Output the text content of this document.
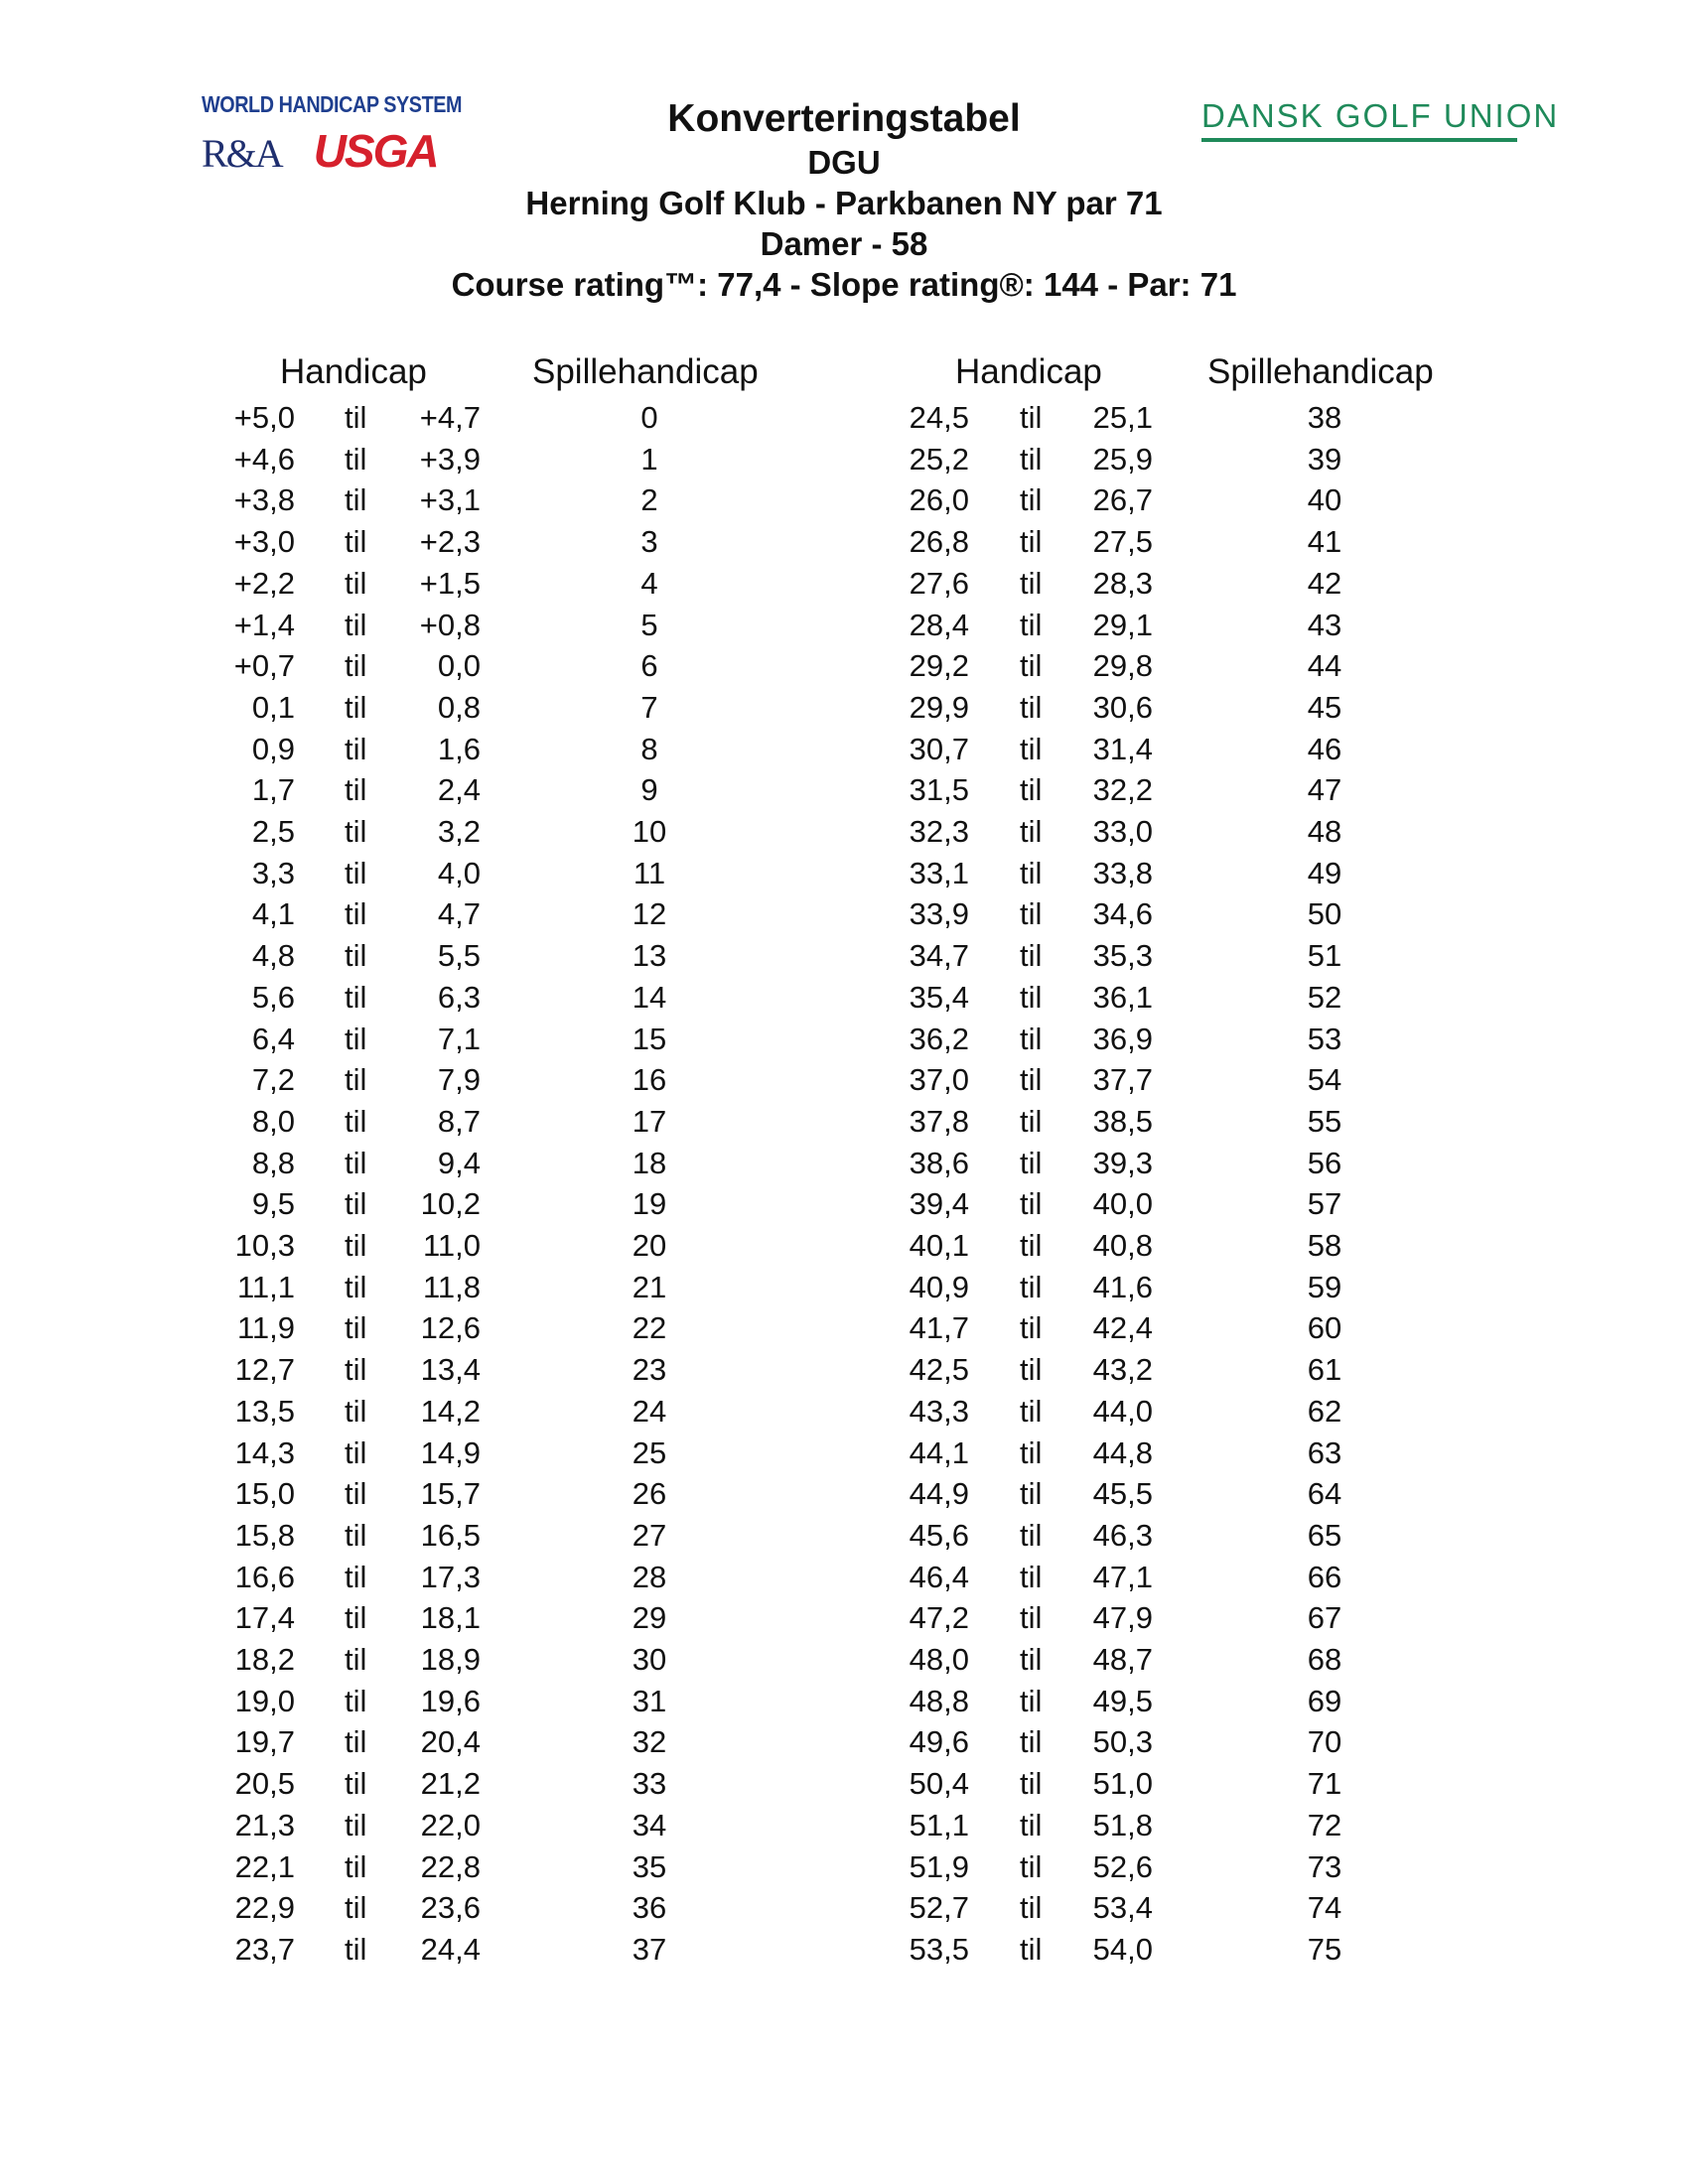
WORLD HANDICAP SYSTEM
R&A USGA
DANSK GOLF UNION
Konverteringstabel
DGU
Herning Golf Klub - Parkbanen NY par 71
Damer - 58
Course rating™: 77,4 - Slope rating®: 144 - Par: 71
Handicap	Spillehandicap	Handicap	Spillehandicap
+5,0 til	+4,7	0
+4,6 til	+3,9	1
+3,8 til	+3,1	2
+3,0 til	+2,3	3
+2,2 til	+1,5	4
+1,4 til	+0,8	5
+0,7 til	0,0	6
0,1 til	0,8	7
0,9 til	1,6	8
1,7 til	2,4	9
2,5 til	3,2	10
3,3 til	4,0	11
4,1 til	4,7	12
4,8 til	5,5	13
5,6 til	6,3	14
6,4 til	7,1	15
7,2 til	7,9	16
8,0 til	8,7	17
8,8 til	9,4	18
9,5 til	10,2	19
10,3 til	11,0	20
11,1 til	11,8	21
11,9 til	12,6	22
12,7 til	13,4	23
13,5 til	14,2	24
14,3 til	14,9	25
15,0 til	15,7	26
15,8 til	16,5	27
16,6 til	17,3	28
17,4 til	18,1	29
18,2 til	18,9	30
19,0 til	19,6	31
19,7 til	20,4	32
20,5 til	21,2	33
21,3 til	22,0	34
22,1 til	22,8	35
22,9 til	23,6	36
23,7 til	24,4	37
24,5 til	25,1	38
25,2 til	25,9	39
26,0 til	26,7	40
26,8 til	27,5	41
27,6 til	28,3	42
28,4 til	29,1	43
29,2 til	29,8	44
29,9 til	30,6	45
30,7 til	31,4	46
31,5 til	32,2	47
32,3 til	33,0	48
33,1 til	33,8	49
33,9 til	34,6	50
34,7 til	35,3	51
35,4 til	36,1	52
36,2 til	36,9	53
37,0 til	37,7	54
37,8 til	38,5	55
38,6 til	39,3	56
39,4 til	40,0	57
40,1 til	40,8	58
40,9 til	41,6	59
41,7 til	42,4	60
42,5 til	43,2	61
43,3 til	44,0	62
44,1 til	44,8	63
44,9 til	45,5	64
45,6 til	46,3	65
46,4 til	47,1	66
47,2 til	47,9	67
48,0 til	48,7	68
48,8 til	49,5	69
49,6 til	50,3	70
50,4 til	51,0	71
51,1 til	51,8	72
51,9 til	52,6	73
52,7 til	53,4	74
53,5 til	54,0	75
